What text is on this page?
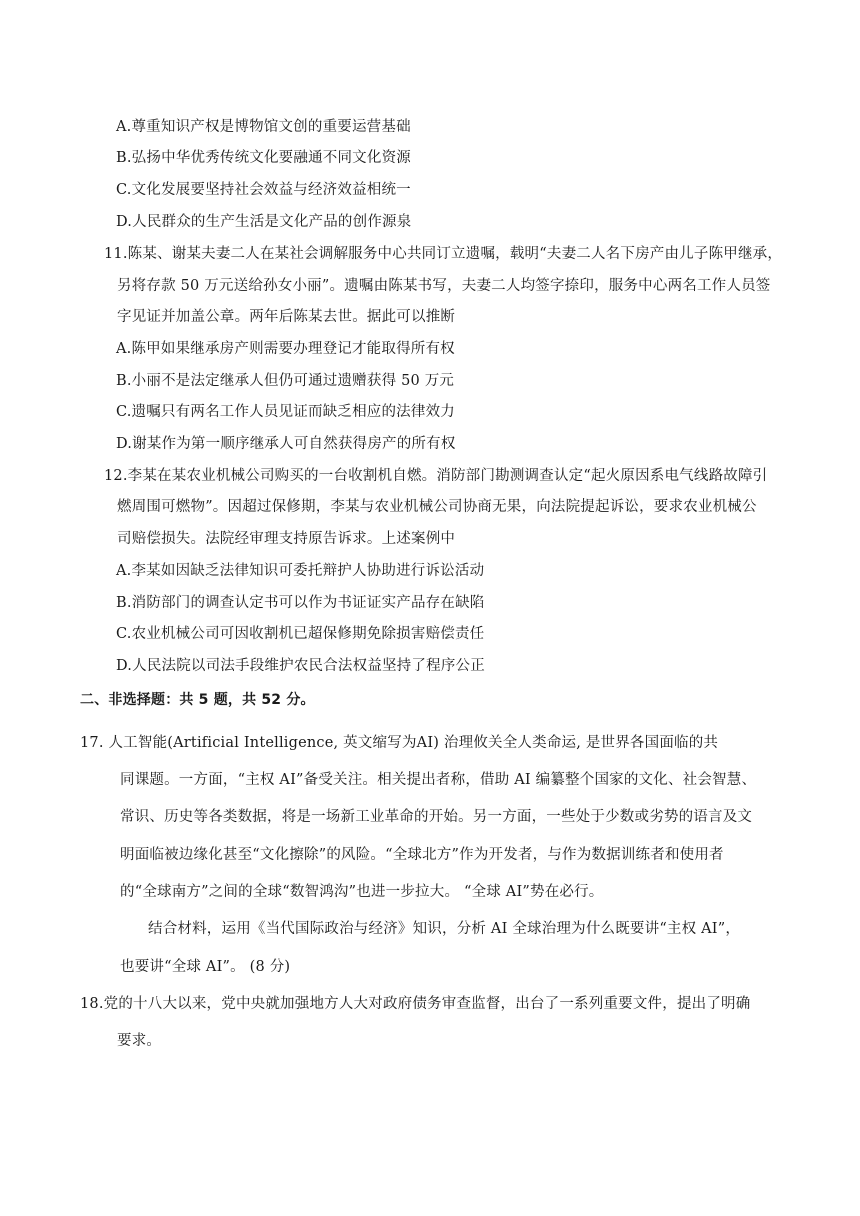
A.尊重知识产权是博物馆文创的重要运营基础
B.弘扬中华优秀传统文化要融通不同文化资源
C.文化发展要坚持社会效益与经济效益相统一
D.人民群众的生产生活是文化产品的创作源泉
11.陈某、谢某夫妻二人在某社会调解服务中心共同订立遗嘱，载明“夫妻二人名下房产由儿子陈甲继承，
另将存款 50 万元送给孙女小丽”。遗嘱由陈某书写，夫妻二人均签字捺印，服务中心两名工作人员签
字见证并加盖公章。两年后陈某去世。据此可以推断
A.陈甲如果继承房产则需要办理登记才能取得所有权
B.小丽不是法定继承人但仍可通过遗赠获得 50 万元
C.遗嘱只有两名工作人员见证而缺乏相应的法律效力
D.谢某作为第一顺序继承人可自然获得房产的所有权
12.李某在某农业机械公司购买的一台收割机自燃。消防部门勘测调查认定“起火原因系电气线路故障引
燃周围可燃物”。因超过保修期，李某与农业机械公司协商无果，向法院提起诉讼，要求农业机械公
司赔偿损失。法院经审理支持原告诉求。上述案例中
A.李某如因缺乏法律知识可委托辩护人协助进行诉讼活动
B.消防部门的调查认定书可以作为书证证实产品存在缺陷
C.农业机械公司可因收割机已超保修期免除损害赔偿责任
D.人民法院以司法手段维护农民合法权益坚持了程序公正
二、非选择题：共 5 题，共 52 分。
17. 人工智能(Artificial Intelligence, 英文缩写为AI) 治理攸关全人类命运, 是世界各国面临的共
同课题。一方面，“主权 AI”备受关注。相关提出者称，借助 AI 编纂整个国家的文化、社会智慧、
常识、历史等各类数据，将是一场新工业革命的开始。另一方面，一些处于少数或劣势的语言及文
明面临被边缘化甚至“文化擦除”的风险。“全球北方”作为开发者，与作为数据训练者和使用者
的“全球南方”之间的全球“数智鸿沟”也进一步拉大。 “全球 AI”势在必行。
结合材料，运用《当代国际政治与经济》知识，分析 AI 全球治理为什么既要讲“主权 AI”，
也要讲“全球 AI”。 (8 分)
18.党的十八大以来，党中央就加强地方人大对政府债务审查监督，出台了一系列重要文件，提出了明确
要求。
